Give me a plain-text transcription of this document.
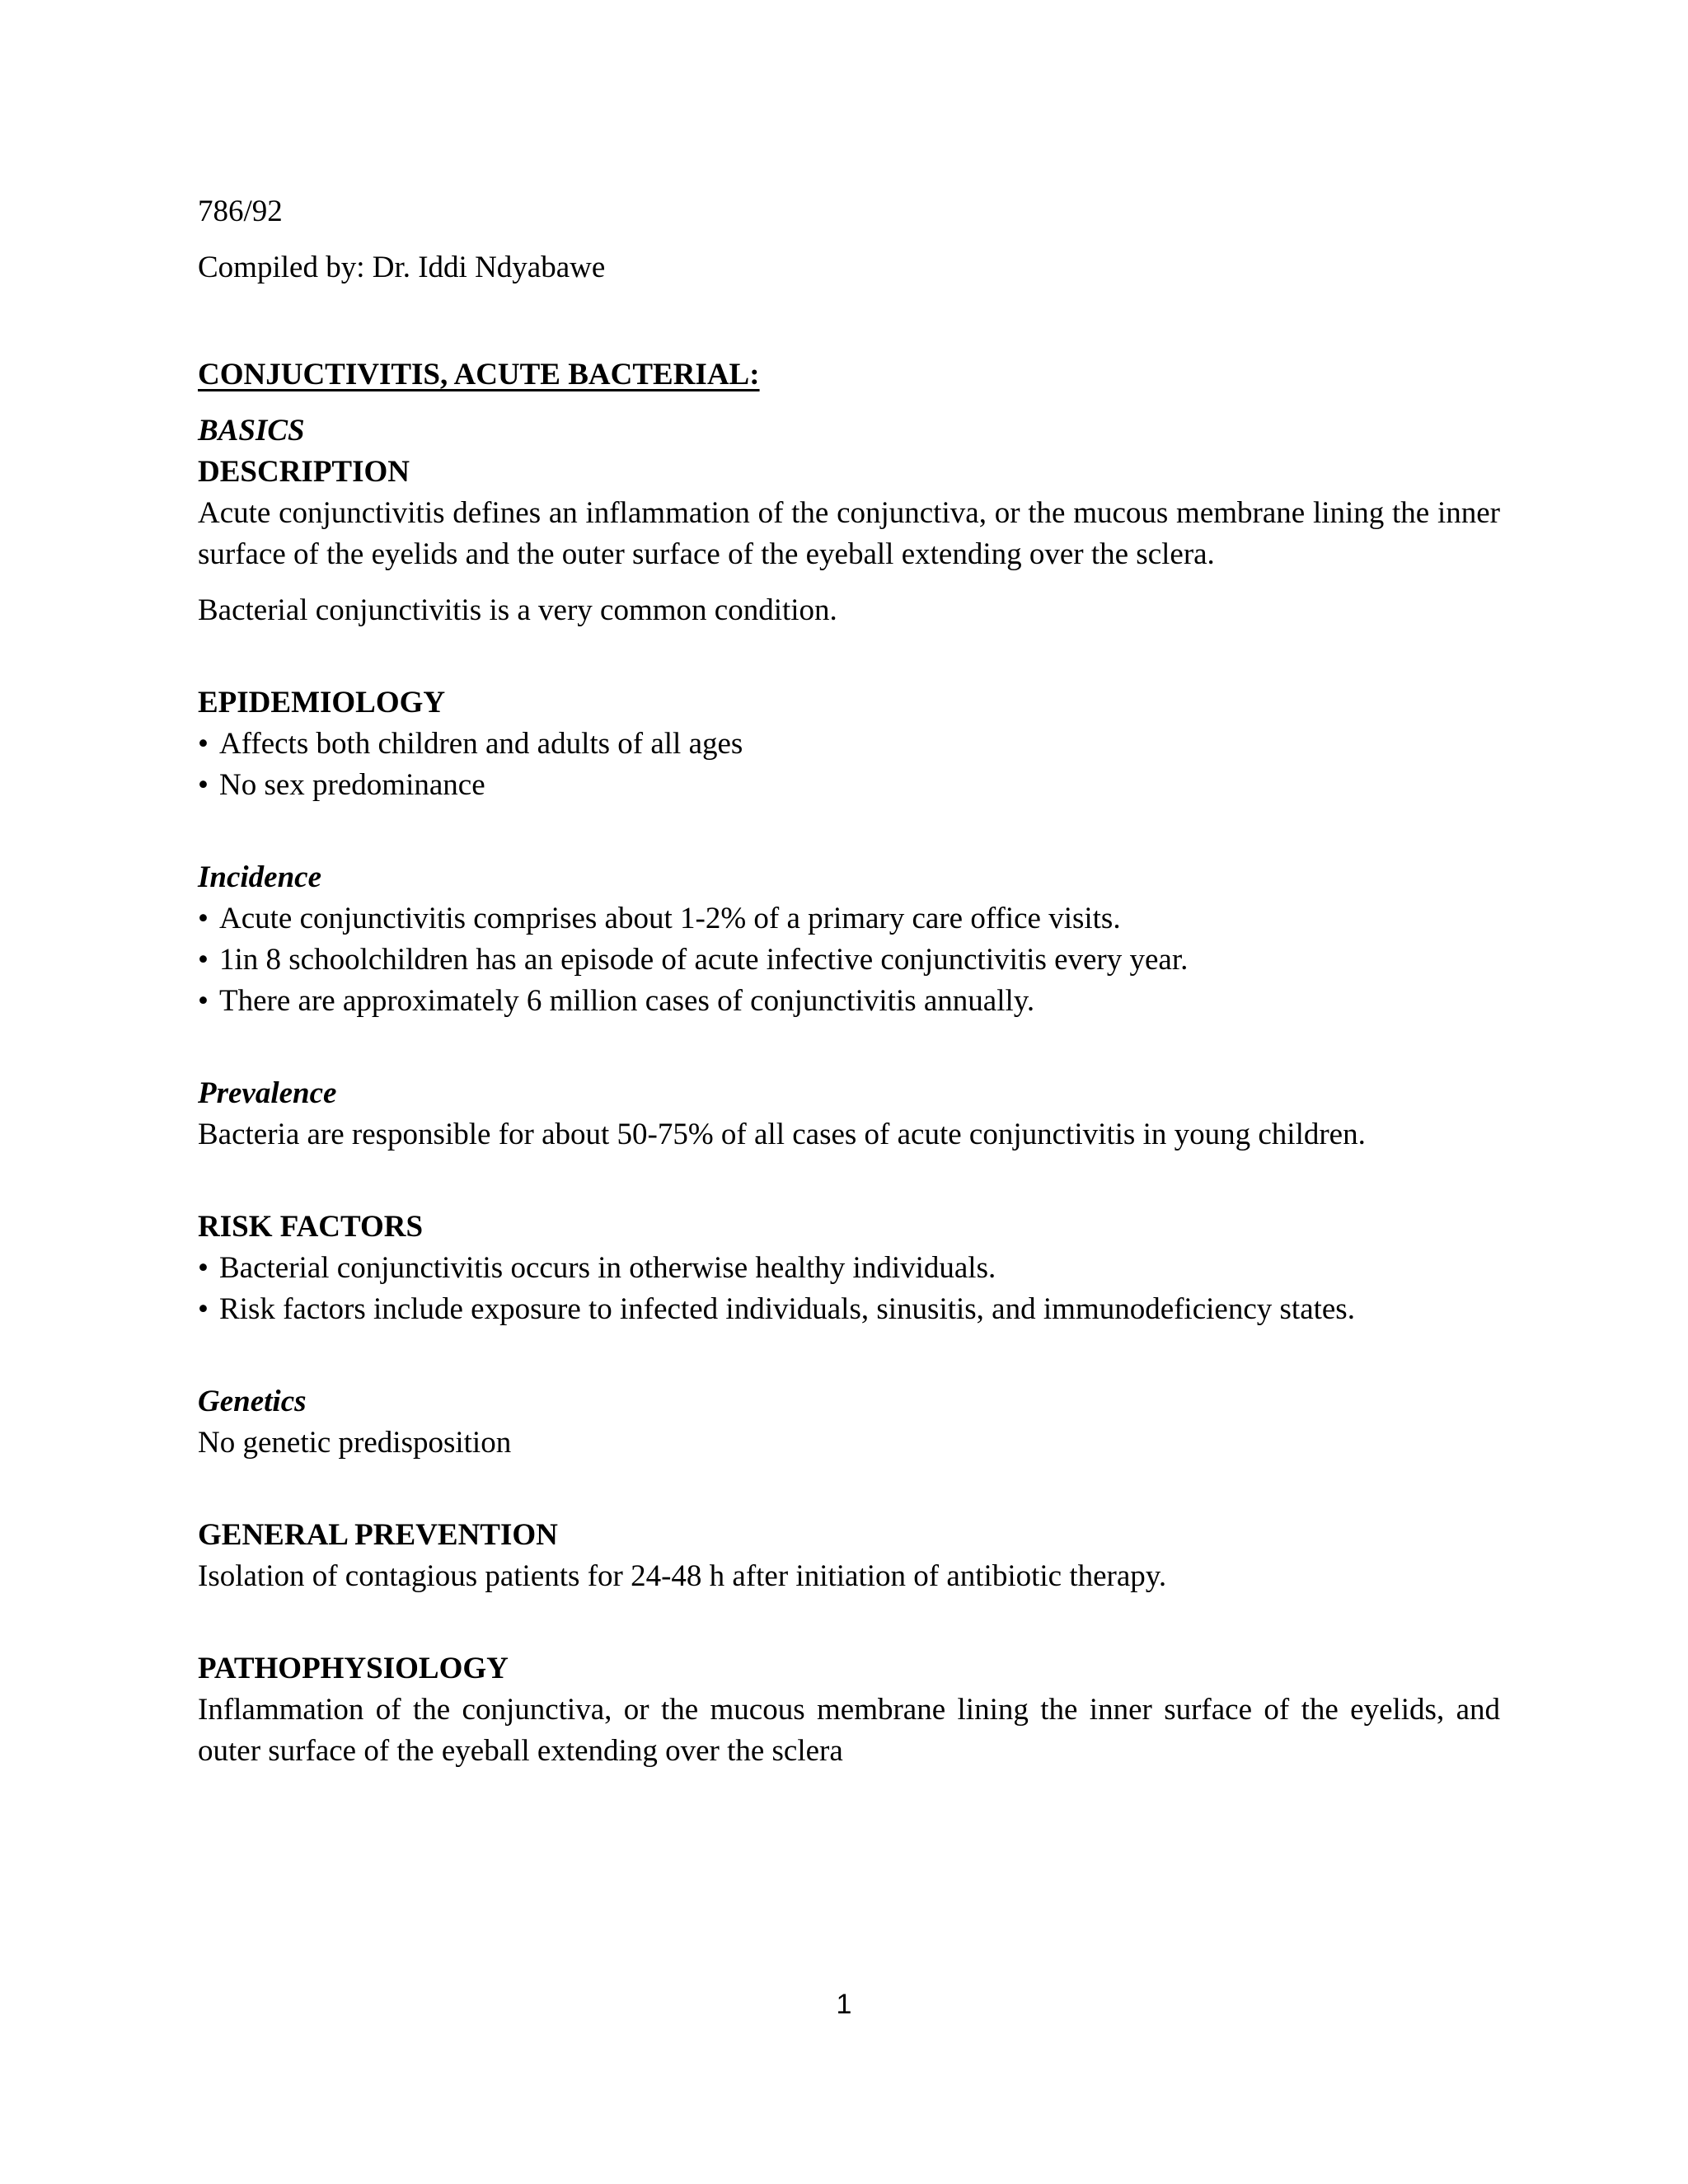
786/92

Compiled by: Dr. Iddi Ndyabawe

CONJUCTIVITIS, ACUTE BACTERIAL:

BASICS

DESCRIPTION

Acute conjunctivitis defines an inflammation of the conjunctiva, or the mucous membrane lining the inner surface of the eyelids and the outer surface of the eyeball extending over the sclera.

Bacterial conjunctivitis is a very common condition.

EPIDEMIOLOGY

• Affects both children and adults of all ages
• No sex predominance

Incidence

• Acute conjunctivitis comprises about 1-2% of a primary care office visits.
• 1in 8 schoolchildren has an episode of acute infective conjunctivitis every year.
• There are approximately 6 million cases of conjunctivitis annually.

Prevalence

Bacteria are responsible for about 50-75% of all cases of acute conjunctivitis in young children.

RISK FACTORS

• Bacterial conjunctivitis occurs in otherwise healthy individuals.
• Risk factors include exposure to infected individuals, sinusitis, and immunodeficiency states.

Genetics

No genetic predisposition

GENERAL PREVENTION

Isolation of contagious patients for 24-48 h after initiation of antibiotic therapy.

PATHOPHYSIOLOGY

Inflammation of the conjunctiva, or the mucous membrane lining the inner surface of the eyelids, and outer surface of the eyeball extending over the sclera

1
